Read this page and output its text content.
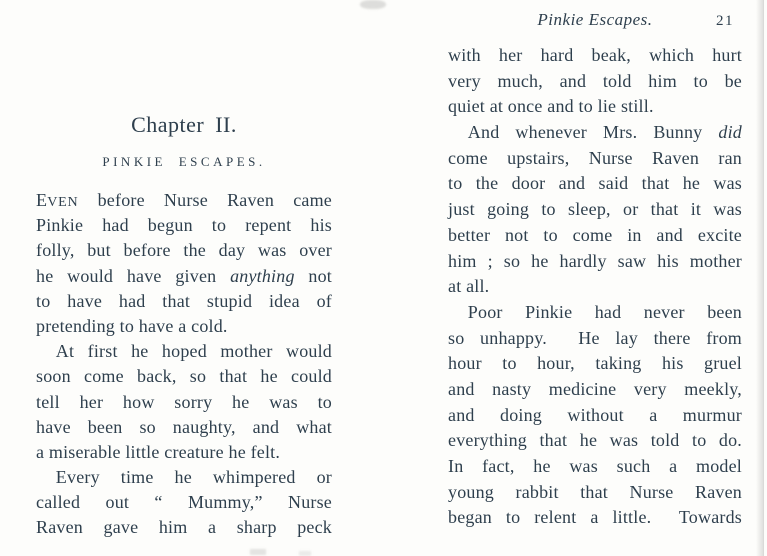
Chapter II.
PINKIE ESCAPES.
EVEN before Nurse Raven came
Pinkie had begun to repent his
folly, but before the day was over
he would have given anything not
to have had that stupid idea of
pretending to have a cold.
At first he hoped mother would
soon come back, so that he could
tell her how sorry he was to
have been so naughty, and what
a miserable little creature he felt.
Every time he whimpered or
called out “ Mummy,” Nurse
Raven gave him a sharp peck
Pinkie Escapes.	21
with her hard beak, which hurt
very much, and told him to be
quiet at once and to lie still.
And whenever Mrs. Bunny did
come upstairs, Nurse Raven ran
to the door and said that he was
just going to sleep, or that it was
better not to come in and excite
him ; so he hardly saw his mother
at all.
Poor Pinkie had never been
so unhappy.  He lay there from
hour to hour, taking his gruel
and nasty medicine very meekly,
and doing without a murmur
everything that he was told to do.
In fact, he was such a model
young rabbit that Nurse Raven
began to relent a little.  Towards
